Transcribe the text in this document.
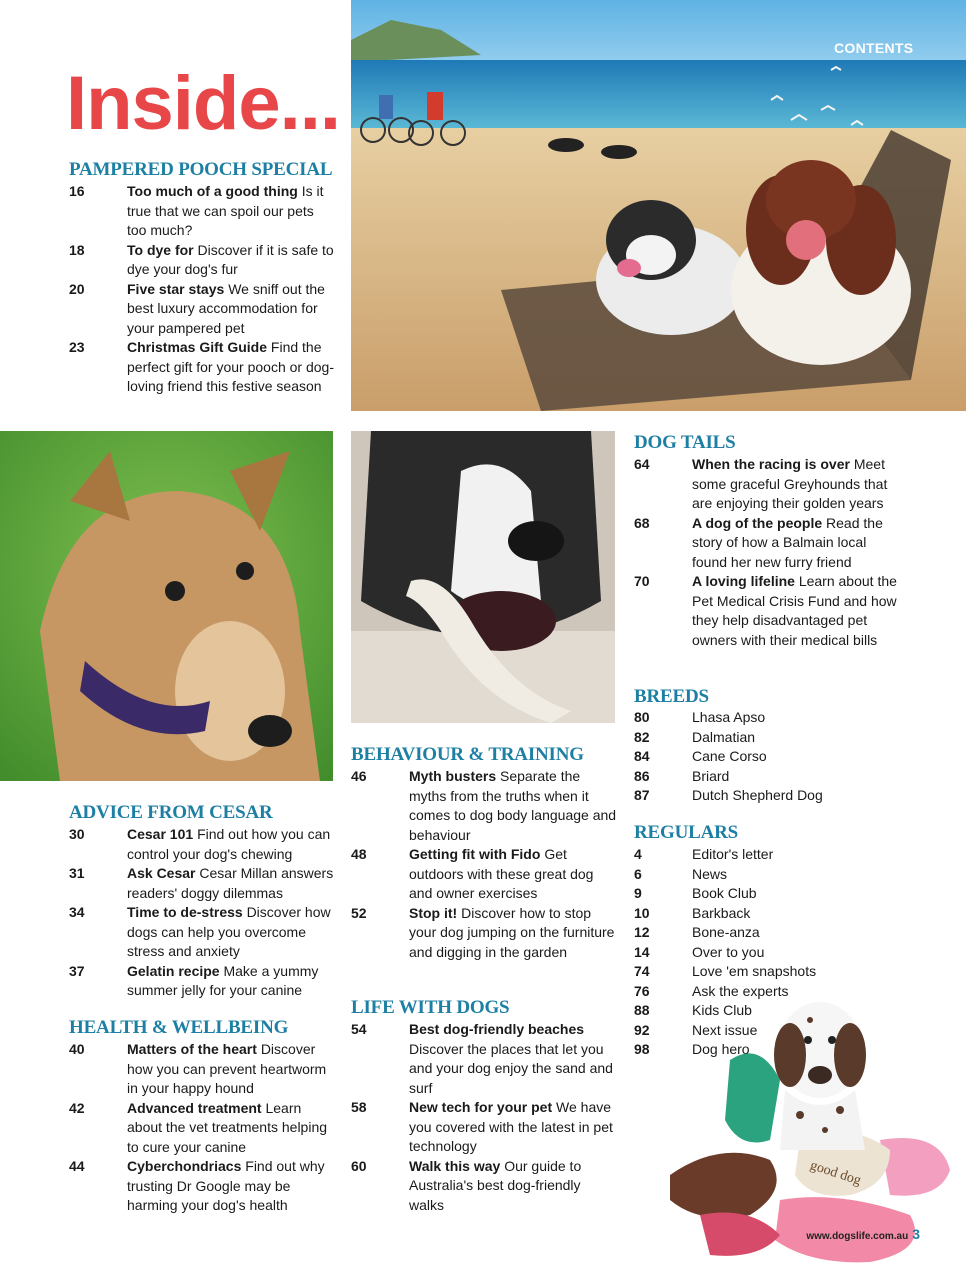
CONTENTS
Inside...
PAMPERED POOCH SPECIAL
16	Too much of a good thing Is it true that we can spoil our pets too much?
18	To dye for Discover if it is safe to dye your dog's fur
20	Five star stays We sniff out the best luxury accommodation for your pampered pet
23	Christmas Gift Guide Find the perfect gift for your pooch or dog-loving friend this festive season
ADVICE FROM CESAR
30	Cesar 101 Find out how you can control your dog's chewing
31	Ask Cesar Cesar Millan answers readers' doggy dilemmas
34	Time to de-stress Discover how dogs can help you overcome stress and anxiety
37	Gelatin recipe Make a yummy summer jelly for your canine
HEALTH & WELLBEING
40	Matters of the heart Discover how you can prevent heartworm in your happy hound
42	Advanced treatment Learn about the vet treatments helping to cure your canine
44	Cyberchondriacs Find out why trusting Dr Google may be harming your dog's health
BEHAVIOUR & TRAINING
46	Myth busters Separate the myths from the truths when it comes to dog body language and behaviour
48	Getting fit with Fido Get outdoors with these great dog and owner exercises
52	Stop it! Discover how to stop your dog jumping on the furniture and digging in the garden
LIFE WITH DOGS
54	Best dog-friendly beaches Discover the places that let you and your dog enjoy the sand and surf
58	New tech for your pet We have you covered with the latest in pet technology
60	Walk this way Our guide to Australia's best dog-friendly walks
DOG TAILS
64	When the racing is over Meet some graceful Greyhounds that are enjoying their golden years
68	A dog of the people Read the story of how a Balmain local found her new furry friend
70	A loving lifeline Learn about the Pet Medical Crisis Fund and how they help disadvantaged pet owners with their medical bills
BREEDS
80	Lhasa Apso
82	Dalmatian
84	Cane Corso
86	Briard
87	Dutch Shepherd Dog
REGULARS
4	Editor's letter
6	News
9	Book Club
10	Barkback
12	Bone-anza
14	Over to you
74	Love 'em snapshots
76	Ask the experts
88	Kids Club
92	Next issue
98	Dog hero
good dog
www.dogslife.com.au 3
